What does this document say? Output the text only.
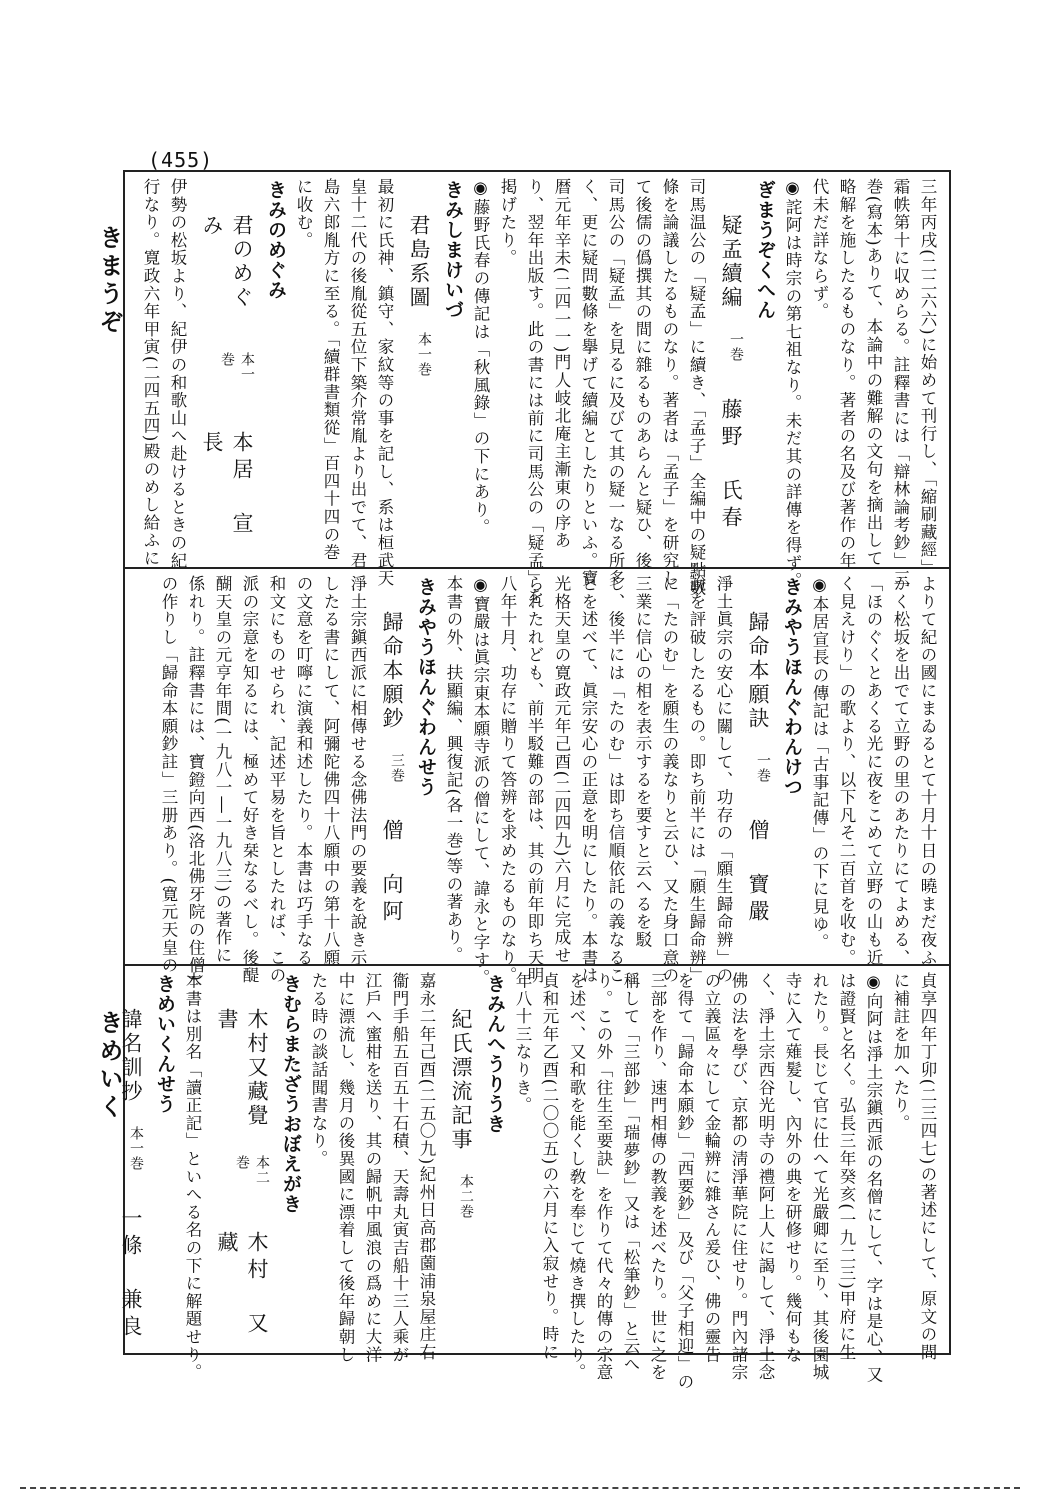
(455)
きまうぞ
きめいく
三年丙戌(二二六六)に始めて刊行し、「縮刷藏經」
霜帙第十に収めらる。註釋書には「辯林論考鈔」三
巻(寫本)ありて、本論中の難解の文句を摘出して
略解を施したるものなり。著者の名及び著作の年
代未だ詳ならず。
◉詫阿は時宗の第七祖なり。未だ其の詳傳を得ず。
ぎまうぞくへん
疑孟續編
一巻
藤野　氏春
司馬温公の「疑孟」に續き、「孟子」全編中の疑點數
條を論議したるものなり。著者は「孟子」を研究し
て後儒の僞撰其の間に雜るものあらんと疑ひ、後
司馬公の「疑孟」を見るに及びて其の疑一なる所多
く、更に疑問數條を擧げて續編としたりといふ。寶
暦元年辛未(二四一一)門人岐北庵主漸東の序あ
り、翌年出版す。此の書には前に司馬公の「疑孟」を
掲げたり。
◉藤野氏春の傳記は「秋風錄」の下にあり。
きみしまけいづ
君島系圖
本一巻
最初に氏神、鎮守、家紋等の事を記し、系は桓武天
皇十二代の後胤從五位下築介常胤より出でて、君
島六郎胤方に至る。「續群書類從」百四十四の巻
に收む。
きみのめぐみ
君のめぐみ
本一巻
本居　宣長
伊勢の松坂より、紀伊の和歌山へ赴けるときの紀
行なり。寛政六年甲寅(二四五四)殿のめし給ふに
よりて紀の國にまゐるとて十月十日の曉まだ夜ふ
かく松坂を出でて立野の里のあたりにてよめる、
「ほのぐくとあくる光に夜をこめて立野の山も近
く見えけり」の歌より、以下凡そ二百首を收む。
◉本居宣長の傳記は「古事記傳」の下に見ゆ。
きみやうほんぐわんけつ
歸命本願訣
一巻
僧　寶嚴
淨土眞宗の安心に關して、功存の「願生歸命辨」の
說を評破したるもの。即ち前半には「願生歸命辨」
に「たのむ」を願生の義なりと云ひ、又た身口意の
三業に信心の相を表示するを要すと云へるを駁
し、後半には「たのむ」は即ち信順依託の義なるこ
とを述べて、眞宗安心の正意を明にしたり。本書は
光格天皇の寛政元年己酉(二四四九)六月に完成せ
られたれども、前半駁難の部は、其の前年即ち天明
八年十月、功存に贈りて答辨を求めたるものなり。
◉寶嚴は眞宗東本願寺派の僧にして、諱永と字す。
本書の外、扶顯編、興復記(各一巻)等の著あり。
きみやうほんぐわんせう
歸命本願鈔
三巻
僧　向阿
淨土宗鎭西派に相傳せる念佛法門の要義を說き示
したる書にして、阿彌陀佛四十八願中の第十八願
の文意を叮嚀に演義和述したり。本書は巧手なる
和文にものせられ、記述平易を旨としたれば、この
派の宗意を知るには、極めて好き栞なるべし。後醍
醐天皇の元亨年間(一九八一―一九八三)の著作に
係れり。註釋書には、寶鐙向西(洛北佛牙院の住僧)
の作りし「歸命本願鈔註」三册あり。(寛元天皇の
貞享四年丁卯(二三四七)の著述にして、原文の間
に補註を加へたり。
◉向阿は淨土宗鎭西派の名僧にして、字は是心、又
は證賢と名く。弘長三年癸亥(一九二三)甲府に生
れたり。長じて官に仕へて光嚴卿に至り、其後園城
寺に入て薙髮し、內外の典を研修せり。幾何もな
く、淨土宗西谷光明寺の禮阿上人に謁して、淨土念
佛の法を學び、京都の淸淨華院に住せり。門內諸宗
の立義區々にして金輪辨に雜さん爰ひ、佛の靈告
を得て「歸命本願鈔」「西要鈔」及び「父子相迎」の
三部を作り、速門相傳の教義を述べたり。世に之を
稱して「三部鈔」「瑞夢鈔」又は「松筆鈔」と云へ
り。この外「往生至要訣」を作りて代々的傳の宗意
を述べ、又和歌を能くし敎を奉じて燒き撰したり。
貞和元年乙酉(二〇〇五)の六月に入寂せり。時に
年八十三なりき。
きみんへうりうき
紀氏漂流記事
本二巻
嘉永二年己酉(二五〇九)紀州日高郡薗浦泉屋庄右
衞門手船五百五十石積、天壽丸寅吉船十三人乘が
江戶へ蜜柑を送り、其の歸帆中風浪の爲めに大洋
中に漂流し、幾月の後異國に漂着して後年歸朝し
たる時の談話聞書なり。
きむらまたざうおぼえがき
木村又藏覺書
本二巻
木村　又藏
本書は別名「讀正記」といへる名の下に解題せり。
きめいくんせう
諱名訓抄
本一巻
一條　兼良
